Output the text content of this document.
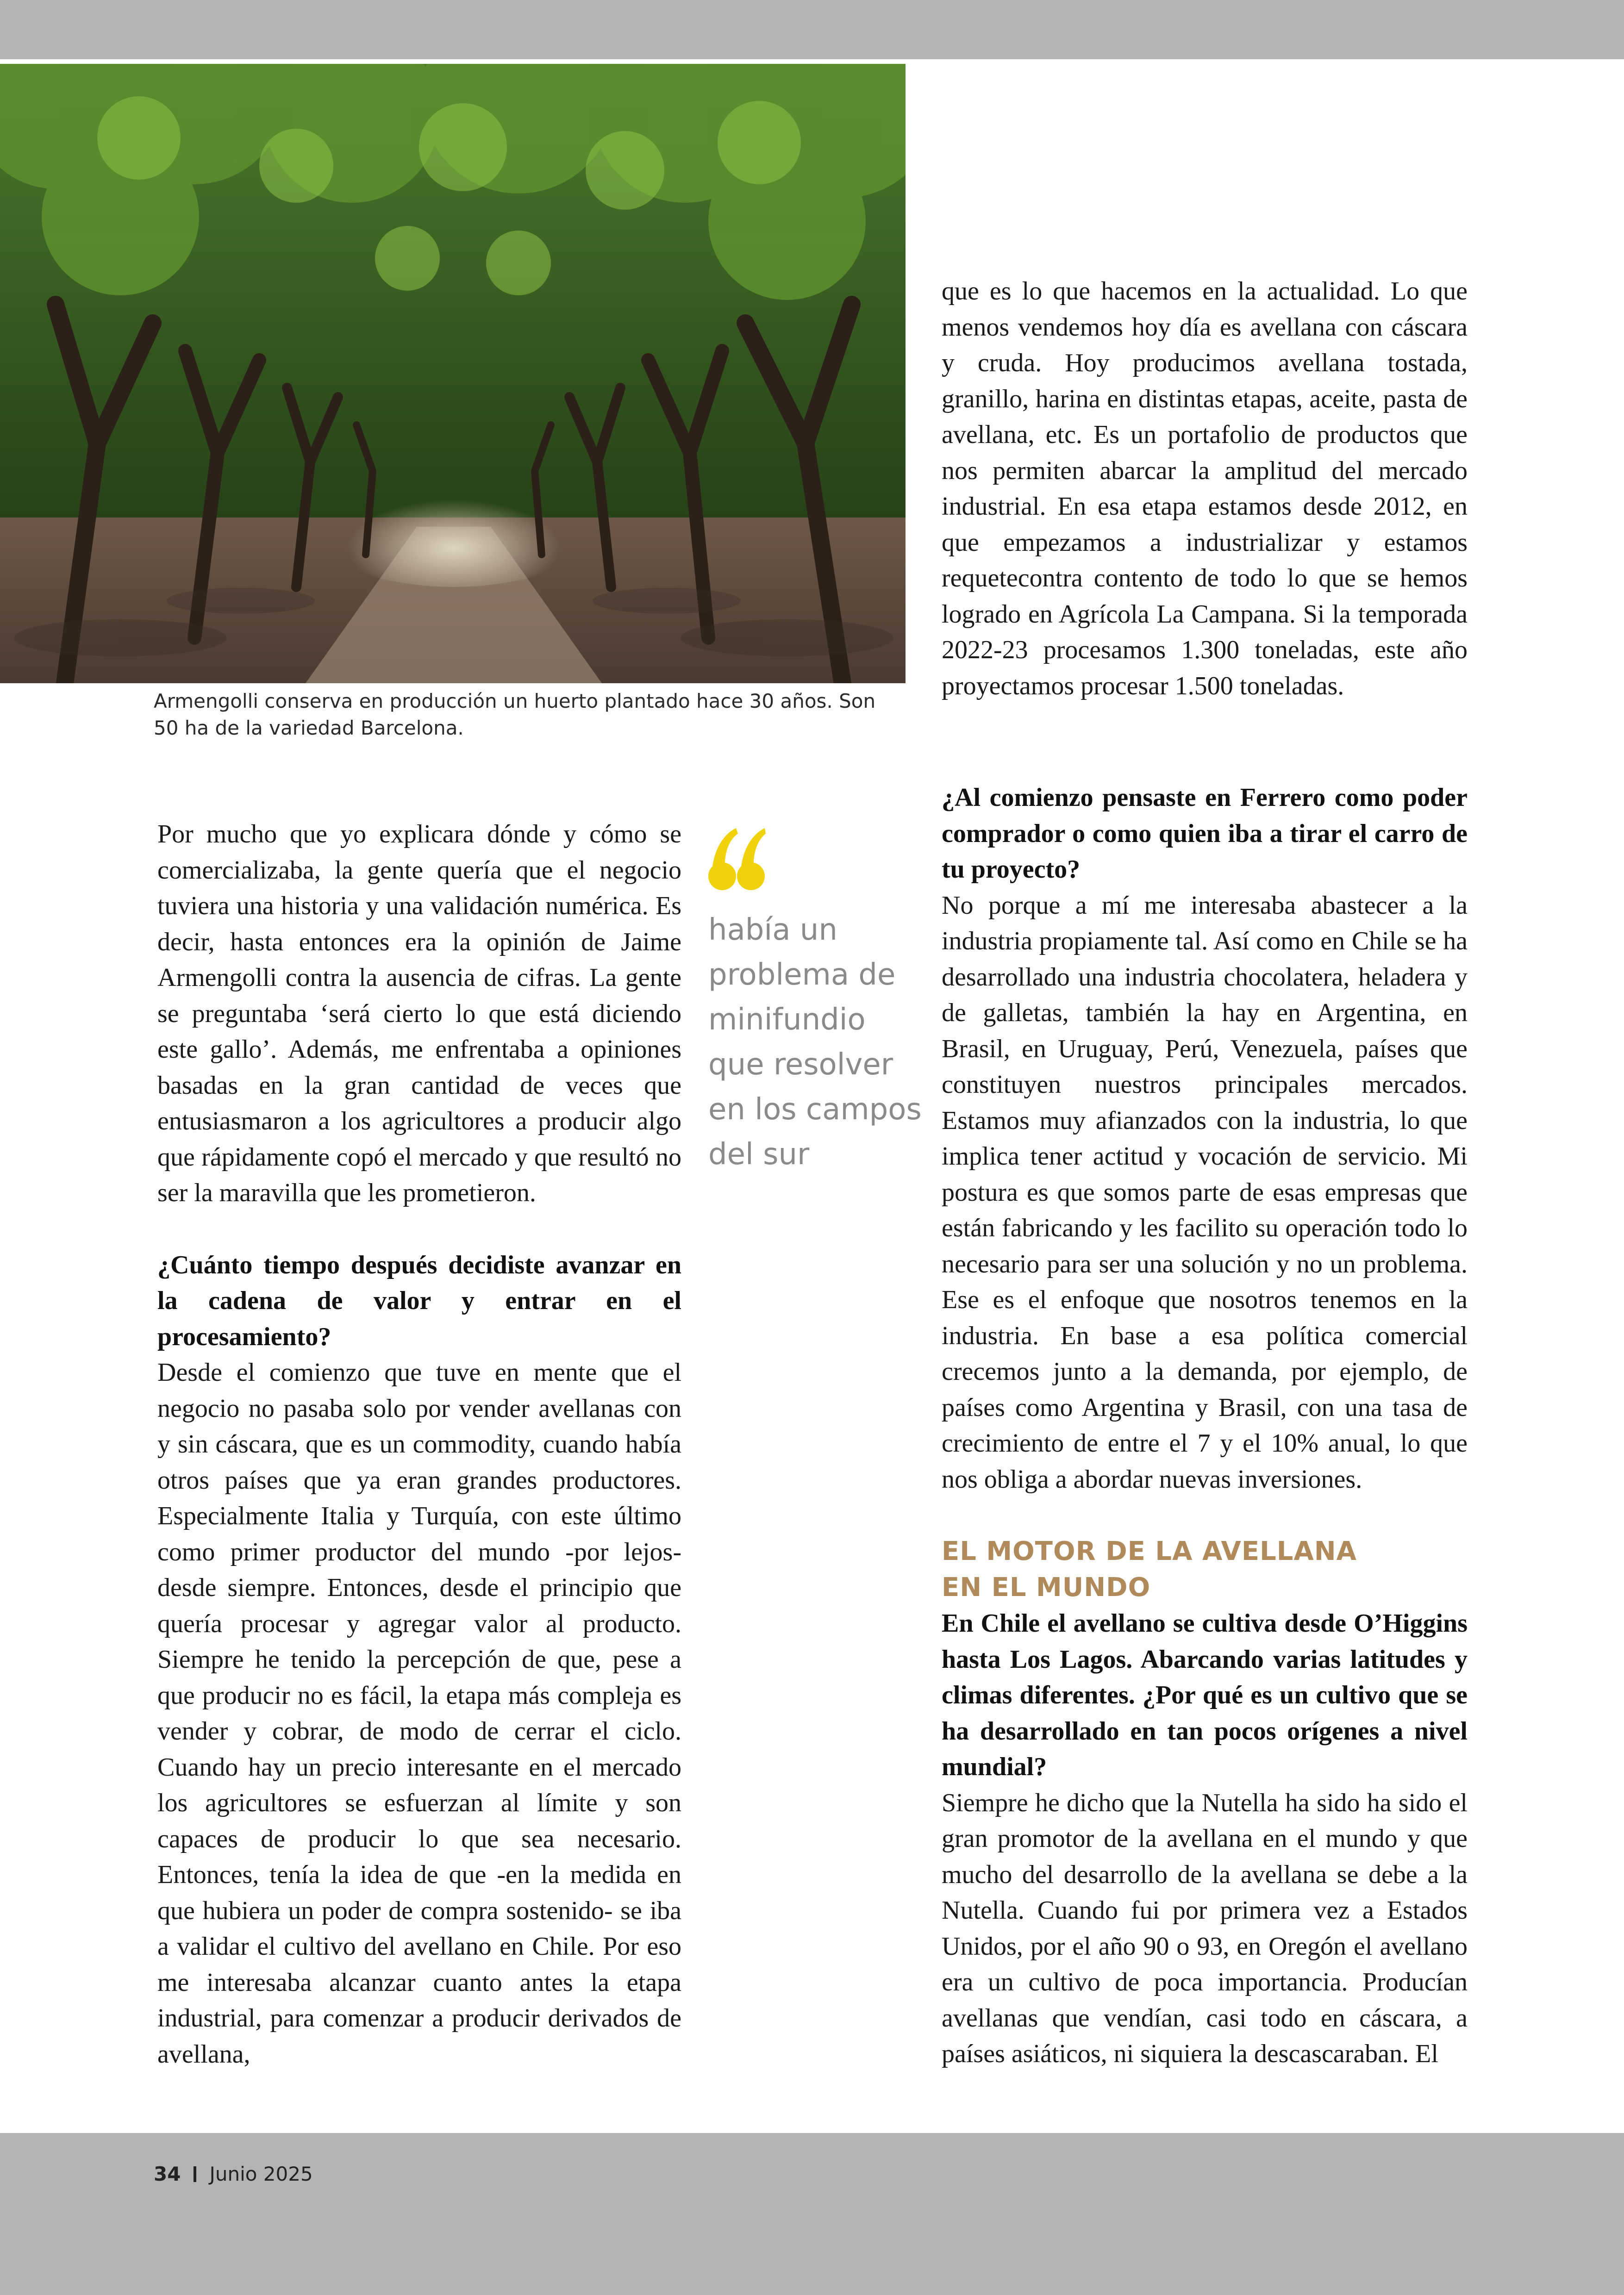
Armengolli conserva en producción un huerto plantado hace 30 años. Son 50 ha de la variedad Barcelona.

que es lo que hacemos en la actualidad. Lo que menos vendemos hoy día es avellana con cáscara y cruda. Hoy producimos avellana tostada, granillo, harina en distintas etapas, aceite, pasta de avellana, etc. Es un portafolio de productos que nos permiten abarcar la amplitud del mercado industrial. En esa etapa estamos desde 2012, en que empezamos a industrializar y estamos requetecontra contento de todo lo que se hemos logrado en Agrícola La Campana. Si la temporada 2022-23 procesamos 1.300 toneladas, este año proyectamos procesar 1.500 toneladas.

Por mucho que yo explicara dónde y cómo se comercializaba, la gente quería que el negocio tuviera una historia y una validación numérica. Es decir, hasta entonces era la opinión de Jaime Armengolli contra la ausencia de cifras. La gente se preguntaba ‘será cierto lo que está diciendo este gallo’. Además, me enfrentaba a opiniones basadas en la gran cantidad de veces que entusiasmaron a los agricultores a producir algo que rápidamente copó el mercado y que resultó no ser la maravilla que les prometieron.

¿Cuánto tiempo después decidiste avanzar en la cadena de valor y entrar en el procesamiento?

Desde el comienzo que tuve en mente que el negocio no pasaba solo por vender avellanas con y sin cáscara, que es un commodity, cuando había otros países que ya eran grandes productores. Especialmente Italia y Turquía, con este último como primer productor del mundo -por lejos- desde siempre. Entonces, desde el principio que quería procesar y agregar valor al producto. Siempre he tenido la percepción de que, pese a que producir no es fácil, la etapa más compleja es vender y cobrar, de modo de cerrar el ciclo. Cuando hay un precio interesante en el mercado los agricultores se esfuerzan al límite y son capaces de producir lo que sea necesario. Entonces, tenía la idea de que -en la medida en que hubiera un poder de compra sostenido- se iba a validar el cultivo del avellano en Chile. Por eso me interesaba alcanzar cuanto antes la etapa industrial, para comenzar a producir derivados de avellana,

había un
problema de
minifundio
que resolver
en los campos
del sur

¿Al comienzo pensaste en Ferrero como poder comprador o como quien iba a tirar el carro de tu proyecto?

No porque a mí me interesaba abastecer a la industria propiamente tal. Así como en Chile se ha desarrollado una industria chocolatera, heladera y de galletas, también la hay en Argentina, en Brasil, en Uruguay, Perú, Venezuela, países que constituyen nuestros principales mercados. Estamos muy afianzados con la industria, lo que implica tener actitud y vocación de servicio. Mi postura es que somos parte de esas empresas que están fabricando y les facilito su operación todo lo necesario para ser una solución y no un problema. Ese es el enfoque que nosotros tenemos en la industria. En base a esa política comercial crecemos junto a la demanda, por ejemplo, de países como Argentina y Brasil, con una tasa de crecimiento de entre el 7 y el 10% anual, lo que nos obliga a abordar nuevas inversiones.

EL MOTOR DE LA AVELLANA
EN EL MUNDO

En Chile el avellano se cultiva desde O’Higgins hasta Los Lagos. Abarcando varias latitudes y climas diferentes. ¿Por qué es un cultivo que se ha desarrollado en tan pocos orígenes a nivel mundial?

Siempre he dicho que la Nutella ha sido ha sido el gran promotor de la avellana en el mundo y que mucho del desarrollo de la avellana se debe a la Nutella. Cuando fui por primera vez a Estados Unidos, por el año 90 o 93, en Oregón el avellano era un cultivo de poca importancia. Producían avellanas que vendían, casi todo en cáscara, a países asiáticos, ni siquiera la descascaraban. El

34 Junio 2025
